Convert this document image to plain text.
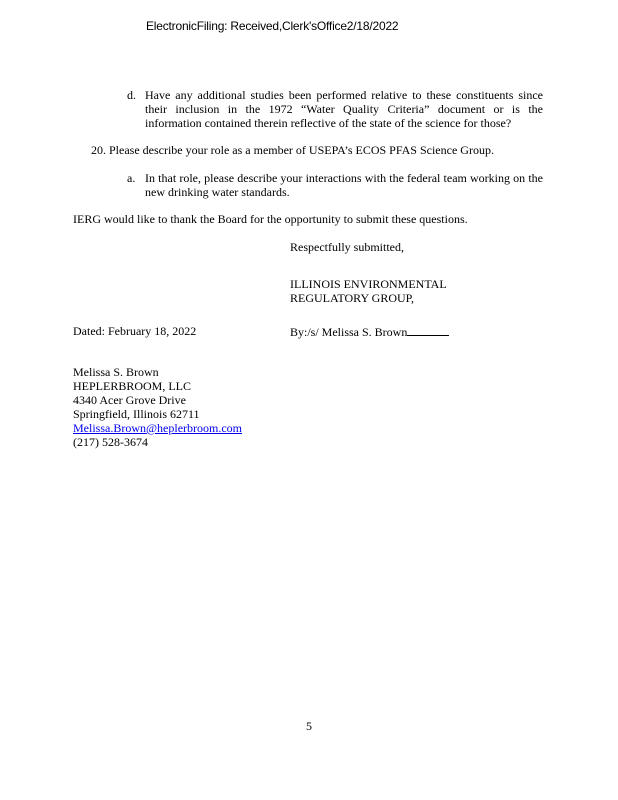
ElectronicFiling: Received,Clerk'sOffice2/18/2022
d. Have any additional studies been performed relative to these constituents since
their inclusion in the 1972 “Water Quality Criteria” document or is the
information contained therein reflective of the state of the science for those?
20. Please describe your role as a member of USEPA’s ECOS PFAS Science Group.
a. In that role, please describe your interactions with the federal team working on the
new drinking water standards.
IERG would like to thank the Board for the opportunity to submit these questions.
Respectfully submitted,
ILLINOIS ENVIRONMENTAL
REGULATORY GROUP,
Dated: February 18, 2022	By:/s/ Melissa S. Brown
Melissa S. Brown
HEPLERBROOM, LLC
4340 Acer Grove Drive
Springfield, Illinois 62711
Melissa.Brown@heplerbroom.com
(217) 528-3674
5
